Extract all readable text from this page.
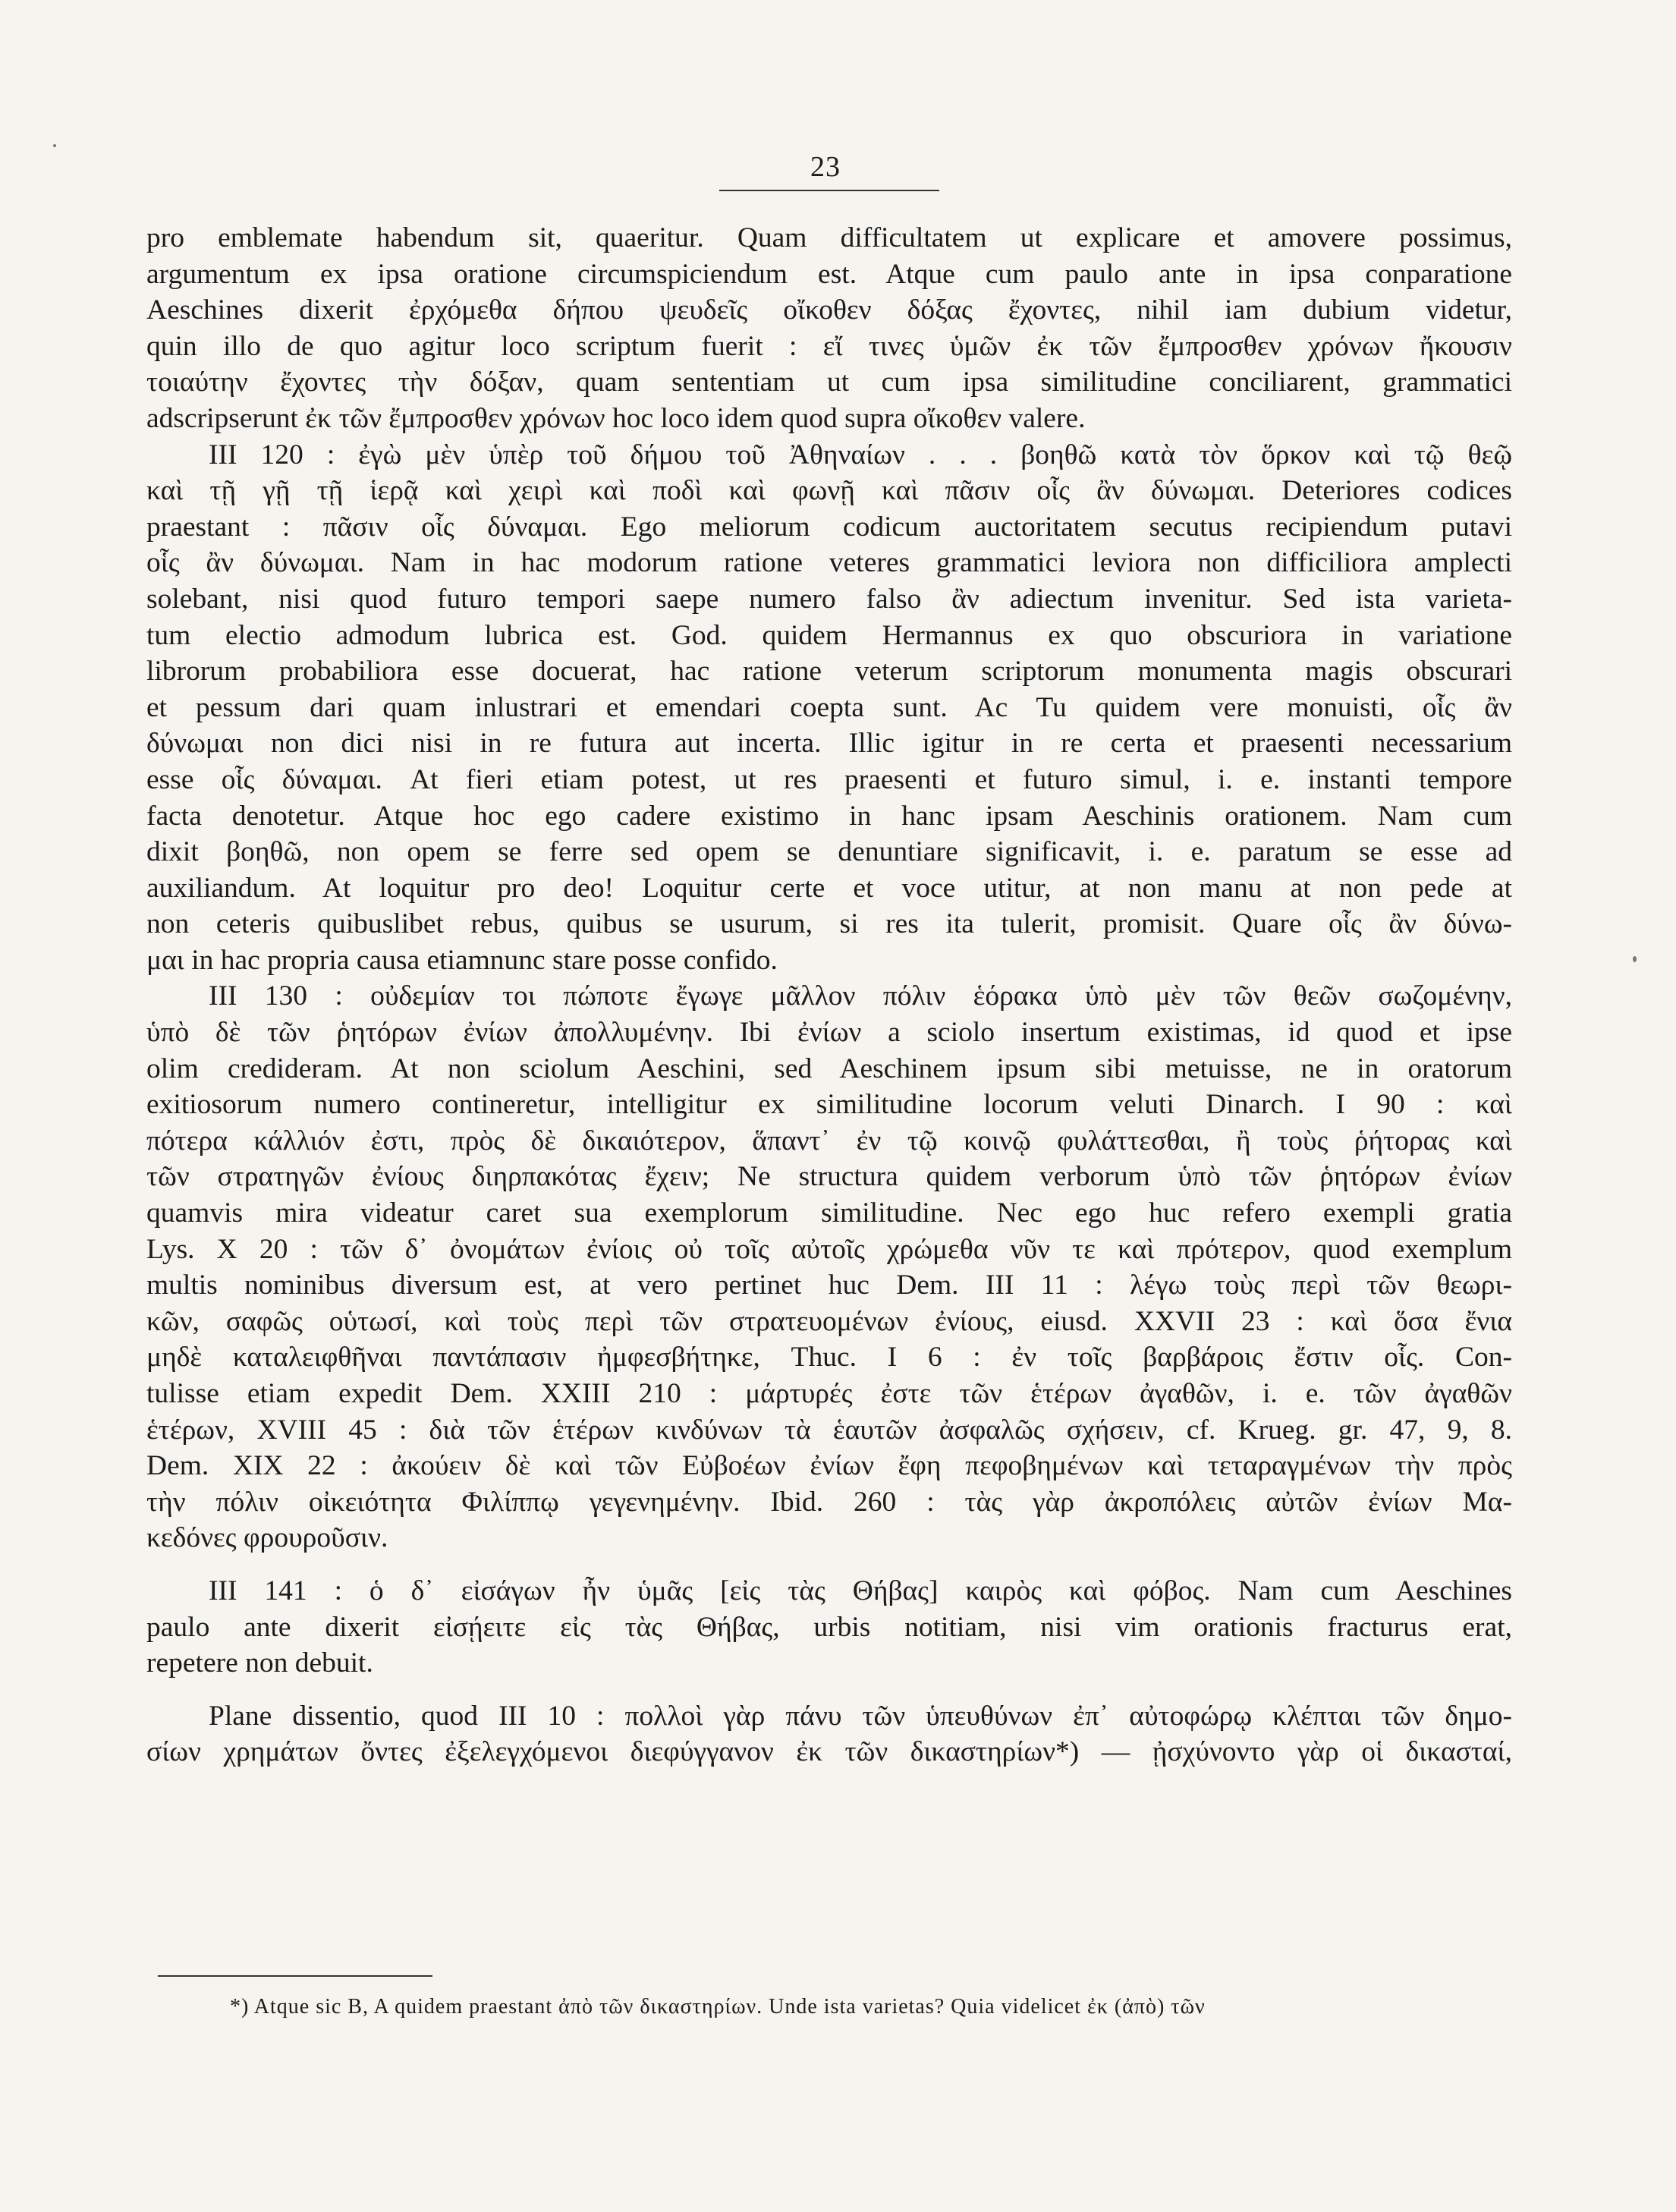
23

pro emblemate habendum sit, quaeritur. Quam difficultatem ut explicare et amovere possimus,
argumentum ex ipsa oratione circumspiciendum est. Atque cum paulo ante in ipsa conparatione
Aeschines dixerit ἐρχόμεθα δήπου ψευδεῖς οἴκοθεν δόξας ἔχοντες, nihil iam dubium videtur,
quin illo de quo agitur loco scriptum fuerit : εἴ τινες ὑμῶν ἐκ τῶν ἔμπροσθεν χρόνων ἤκουσιν
τοιαύτην ἔχοντες τὴν δόξαν, quam sententiam ut cum ipsa similitudine conciliarent, grammatici
adscripserunt ἐκ τῶν ἔμπροσθεν χρόνων hoc loco idem quod supra οἴκοθεν valere.

III 120 : ἐγὼ μὲν ὑπὲρ τοῦ δήμου τοῦ Ἀθηναίων . . . βοηθῶ κατὰ τὸν ὅρκον καὶ τῷ θεῷ
καὶ τῇ γῇ τῇ ἱερᾷ καὶ χειρὶ καὶ ποδὶ καὶ φωνῇ καὶ πᾶσιν οἷς ἂν δύνωμαι. Deteriores codices
praestant : πᾶσιν οἷς δύναμαι. Ego meliorum codicum auctoritatem secutus recipiendum putavi
οἷς ἂν δύνωμαι. Nam in hac modorum ratione veteres grammatici leviora non difficiliora amplecti
solebant, nisi quod futuro tempori saepe numero falso ἂν adiectum invenitur. Sed ista varieta-
tum electio admodum lubrica est. God. quidem Hermannus ex quo obscuriora in variatione
librorum probabiliora esse docuerat, hac ratione veterum scriptorum monumenta magis obscurari
et pessum dari quam inlustrari et emendari coepta sunt. Ac Tu quidem vere monuisti, οἷς ἂν
δύνωμαι non dici nisi in re futura aut incerta. Illic igitur in re certa et praesenti necessarium
esse οἷς δύναμαι. At fieri etiam potest, ut res praesenti et futuro simul, i. e. instanti tempore
facta denotetur. Atque hoc ego cadere existimo in hanc ipsam Aeschinis orationem. Nam cum
dixit βοηθῶ, non opem se ferre sed opem se denuntiare significavit, i. e. paratum se esse ad
auxiliandum. At loquitur pro deo! Loquitur certe et voce utitur, at non manu at non pede at
non ceteris quibuslibet rebus, quibus se usurum, si res ita tulerit, promisit. Quare οἷς ἂν δύνω-
μαι in hac propria causa etiamnunc stare posse confido.

III 130 : οὐδεμίαν τοι πώποτε ἔγωγε μᾶλλον πόλιν ἑόρακα ὑπὸ μὲν τῶν θεῶν σωζομένην,
ὑπὸ δὲ τῶν ῥητόρων ἐνίων ἀπολλυμένην. Ibi ἐνίων a sciolo insertum existimas, id quod et ipse
olim credideram. At non sciolum Aeschini, sed Aeschinem ipsum sibi metuisse, ne in oratorum
exitiosorum numero contineretur, intelligitur ex similitudine locorum veluti Dinarch. I 90 : καὶ
πότερα κάλλιόν ἐστι, πρὸς δὲ δικαιότερον, ἅπαντ᾽ ἐν τῷ κοινῷ φυλάττεσθαι, ἢ τοὺς ῥήτορας καὶ
τῶν στρατηγῶν ἐνίους διηρπακότας ἔχειν; Ne structura quidem verborum ὑπὸ τῶν ῥητόρων ἐνίων
quamvis mira videatur caret sua exemplorum similitudine. Nec ego huc refero exempli gratia
Lys. X 20 : τῶν δ᾽ ὀνομάτων ἐνίοις οὐ τοῖς αὐτοῖς χρώμεθα νῦν τε καὶ πρότερον, quod exemplum
multis nominibus diversum est, at vero pertinet huc Dem. III 11 : λέγω τοὺς περὶ τῶν θεωρι-
κῶν, σαφῶς οὑτωσί, καὶ τοὺς περὶ τῶν στρατευομένων ἐνίους, eiusd. XXVII 23 : καὶ ὅσα ἔνια
μηδὲ καταλειφθῆναι παντάπασιν ἠμφεσβήτηκε, Thuc. I 6 : ἐν τοῖς βαρβάροις ἔστιν οἷς. Con-
tulisse etiam expedit Dem. XXIII 210 : μάρτυρές ἐστε τῶν ἑτέρων ἀγαθῶν, i. e. τῶν ἀγαθῶν
ἑτέρων, XVIII 45 : διὰ τῶν ἑτέρων κινδύνων τὰ ἑαυτῶν ἀσφαλῶς σχήσειν, cf. Krueg. gr. 47, 9, 8.
Dem. XIX 22 : ἀκούειν δὲ καὶ τῶν Εὐβοέων ἐνίων ἔφη πεφοβημένων καὶ τεταραγμένων τὴν πρὸς
τὴν πόλιν οἰκειότητα Φιλίππῳ γεγενημένην. Ibid. 260 : τὰς γὰρ ἀκροπόλεις αὐτῶν ἐνίων Μα-
κεδόνες φρουροῦσιν.

III 141 : ὁ δ᾽ εἰσάγων ἦν ὑμᾶς [εἰς τὰς Θήβας] καιρὸς καὶ φόβος. Nam cum Aeschines
paulo ante dixerit εἰσῄειτε εἰς τὰς Θήβας, urbis notitiam, nisi vim orationis fracturus erat,
repetere non debuit.

Plane dissentio, quod III 10 : πολλοὶ γὰρ πάνυ τῶν ὑπευθύνων ἐπ᾽ αὐτοφώρῳ κλέπται τῶν δημο-
σίων χρημάτων ὄντες ἐξελεγχόμενοι διεφύγγανον ἐκ τῶν δικαστηρίων*) — ᾐσχύνοντο γὰρ οἱ δικασταί,

*) Atque sic B, A quidem praestant ἀπὸ τῶν δικαστηρίων. Unde ista varietas? Quia videlicet ἐκ (ἀπὸ) τῶν
